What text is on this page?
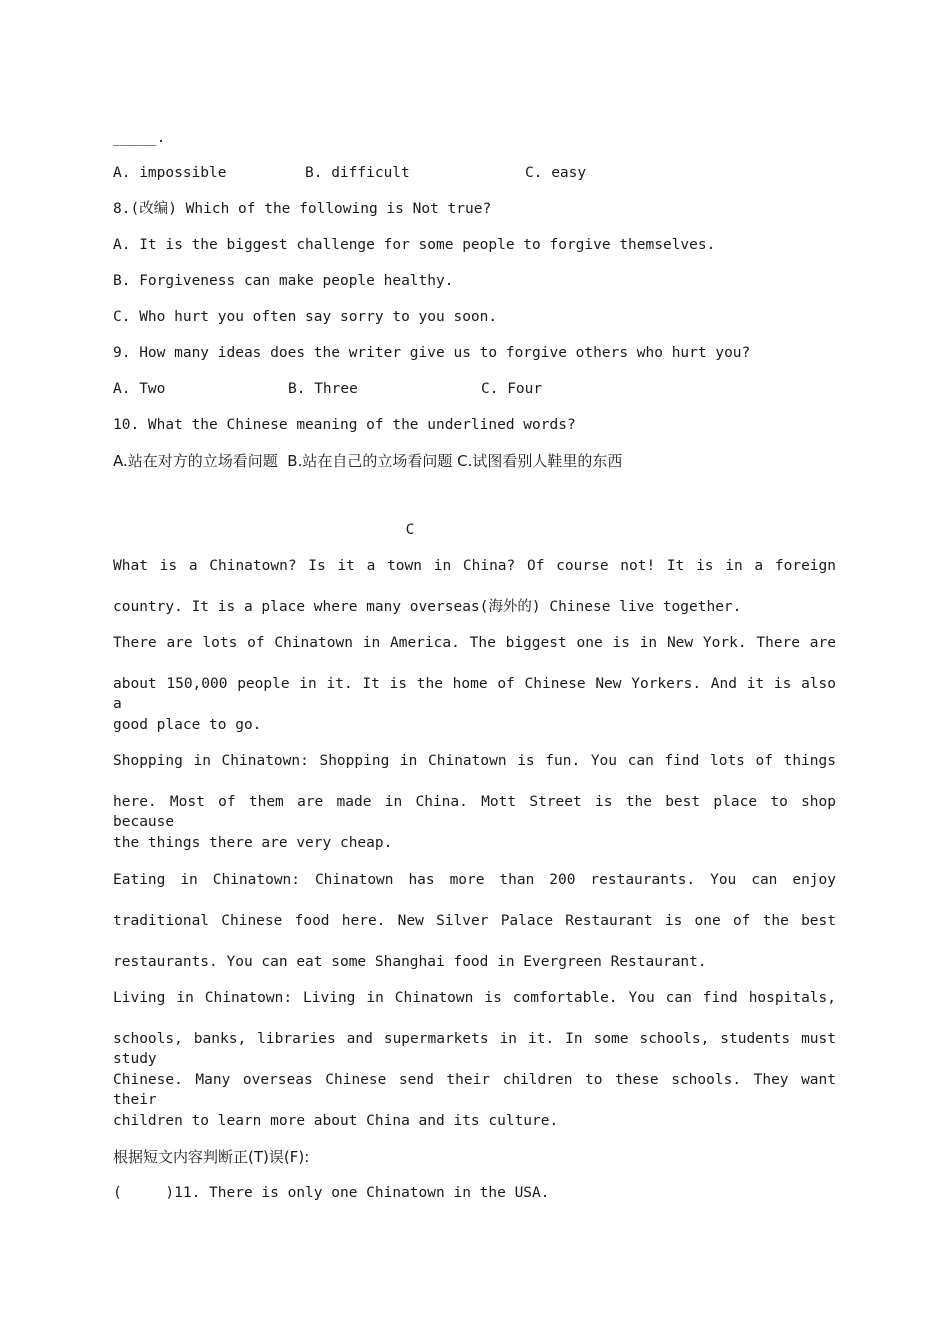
_____.
A. impossible	B. difficult	C. easy
8.(改编) Which of the following is Not true?
A. It is the biggest challenge for some people to forgive themselves.
B. Forgiveness can make people healthy.
C. Who hurt you often say sorry to you soon.
9. How many ideas does the writer give us to forgive others who hurt you?
A. Two	B. Three	C. Four
10. What the Chinese meaning of the underlined words?
A.站在对方的立场看问题  B.站在自己的立场看问题 C.试图看别人鞋里的东西
C
What is a Chinatown? Is it a town in China? Of course not! It is in a foreign
country. It is a place where many overseas(海外的) Chinese live together.
There are lots of Chinatown in America. The biggest one is in New York. There are
about 150,000 people in it. It is the home of Chinese New Yorkers. And it is also a
good place to go.
Shopping in Chinatown: Shopping in Chinatown is fun. You can find lots of things
here. Most of them are made in China. Mott Street is the best place to shop because
the things there are very cheap.
Eating in Chinatown: Chinatown has more than 200 restaurants. You can enjoy
traditional Chinese food here. New Silver Palace Restaurant is one of the best
restaurants. You can eat some Shanghai food in Evergreen Restaurant.
Living in Chinatown: Living in Chinatown is comfortable. You can find hospitals,
schools, banks, libraries and supermarkets in it. In some schools, students must study
Chinese. Many overseas Chinese send their children to these schools. They want their
children to learn more about China and its culture.
根据短文内容判断正(T)误(F):
(     )11. There is only one Chinatown in the USA.
